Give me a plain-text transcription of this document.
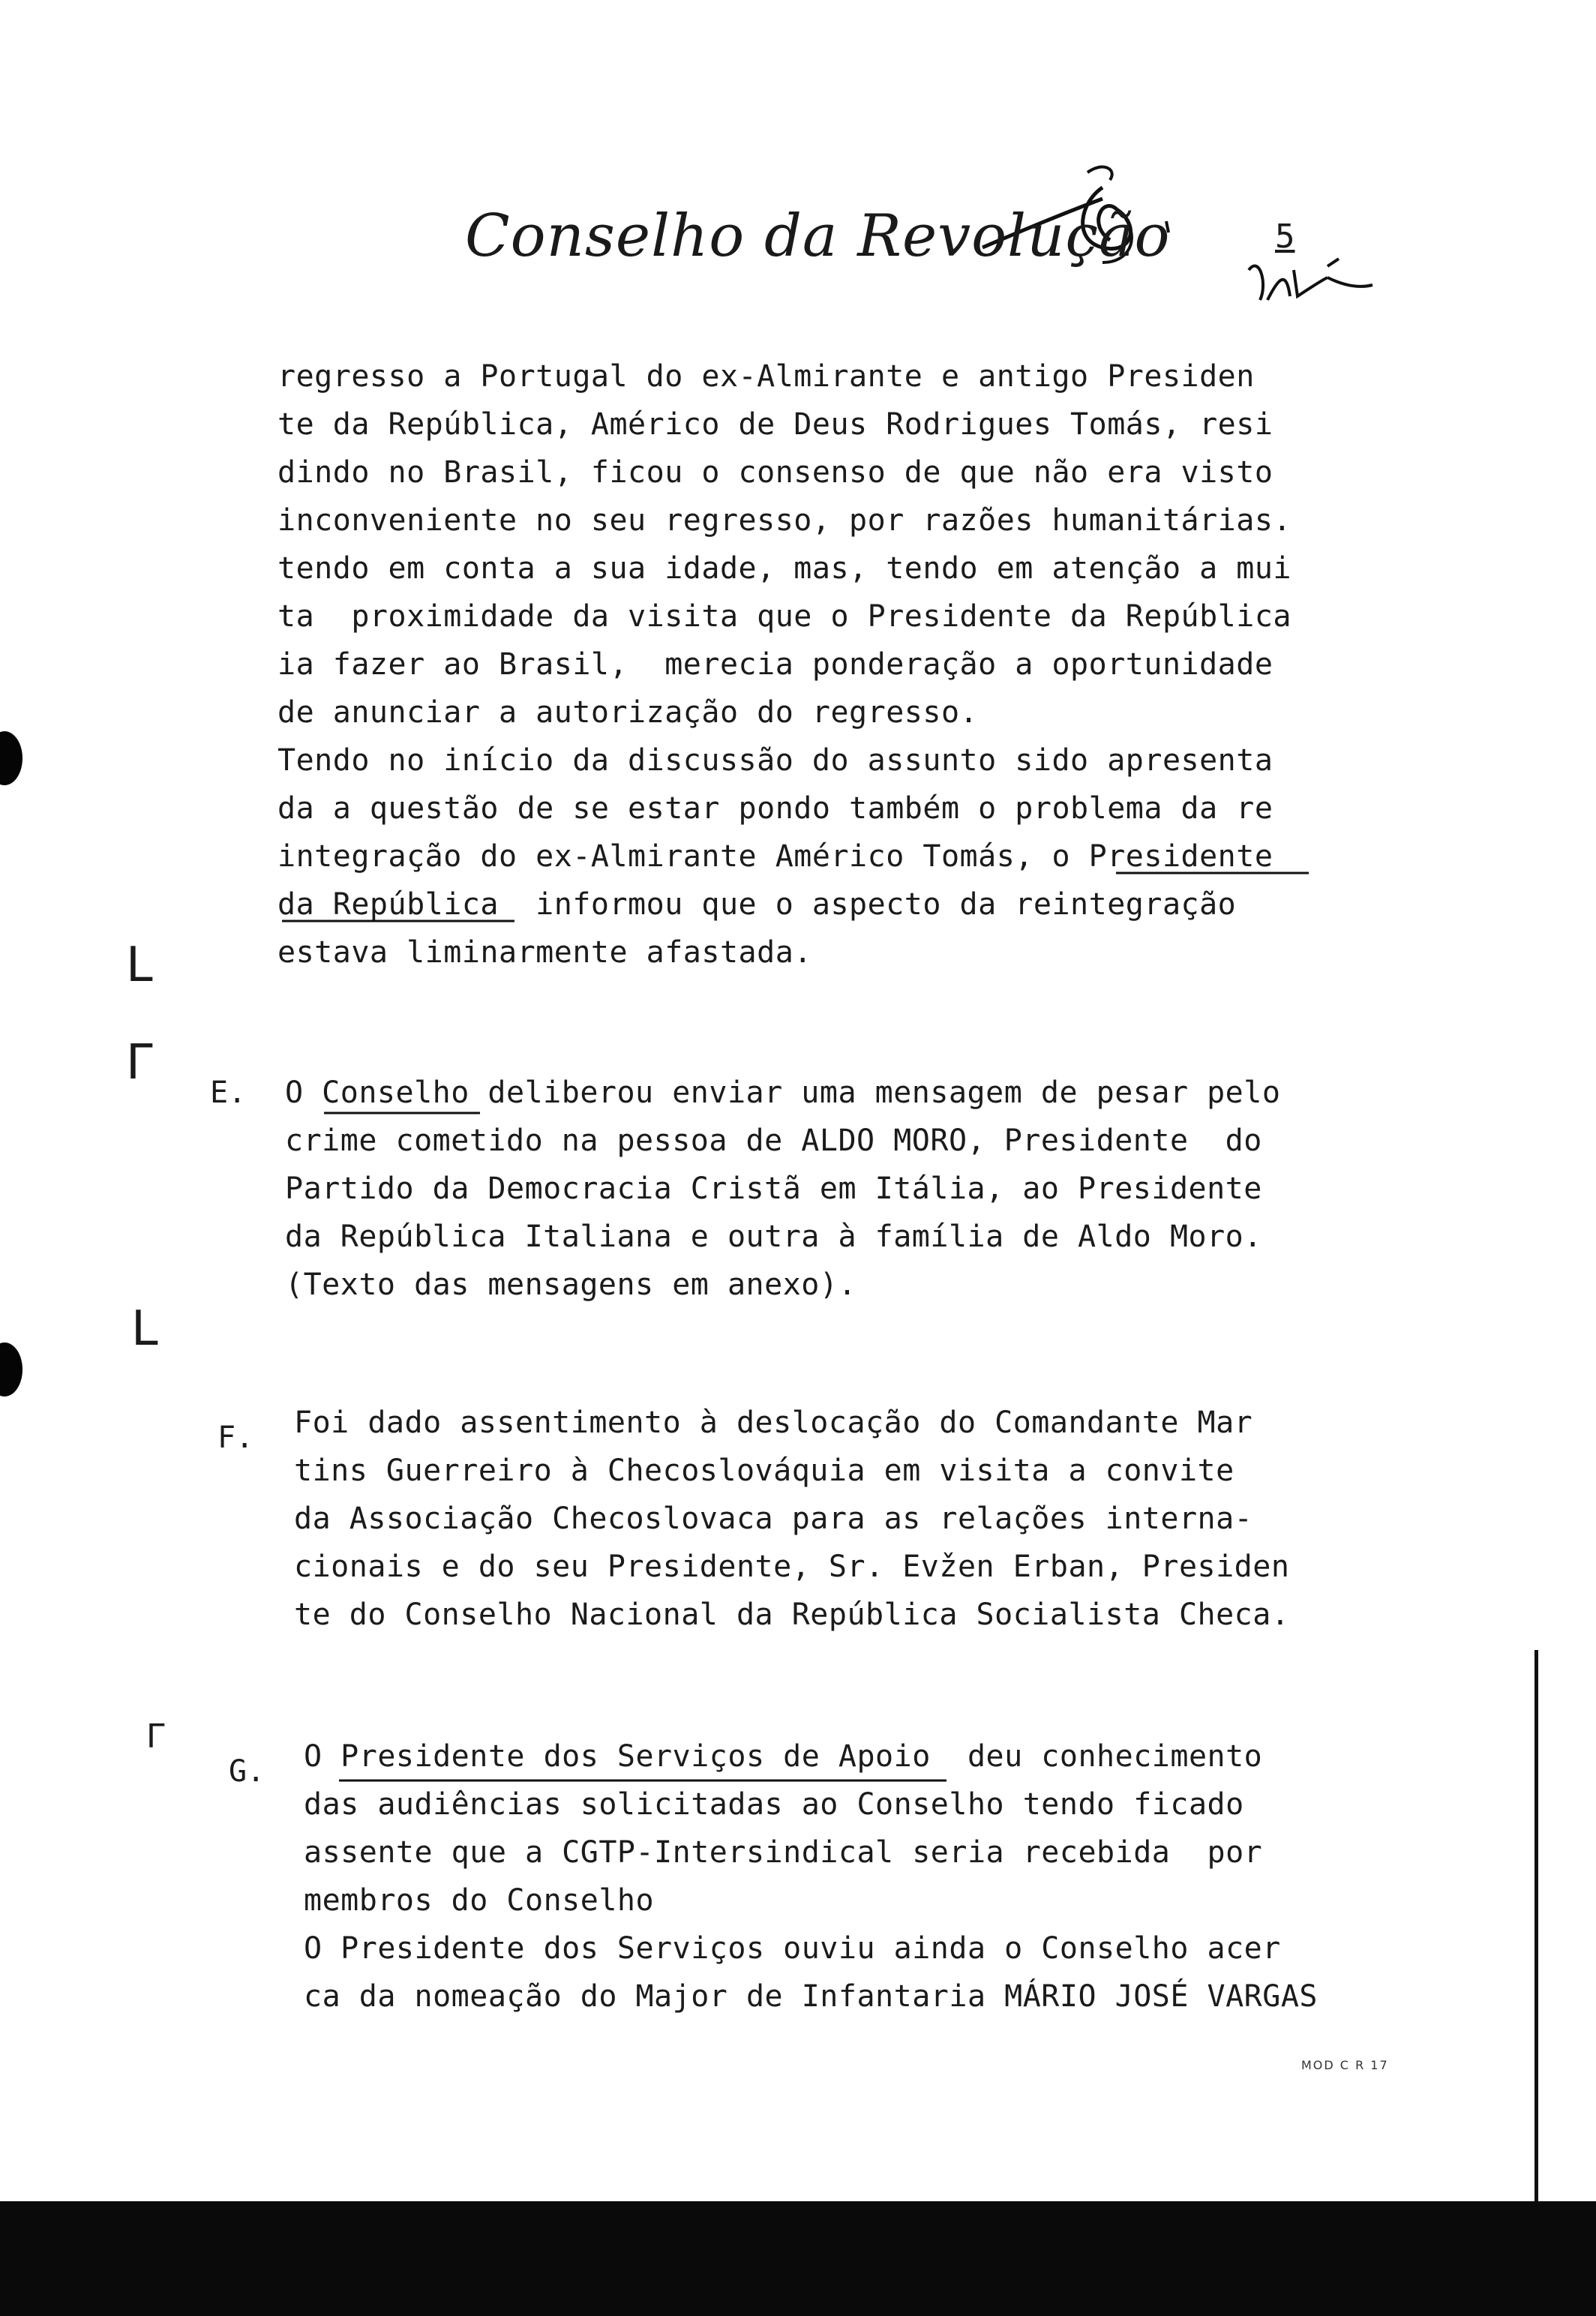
Conselho da Revolução	5
regresso a Portugal do ex-Almirante e antigo Presiden
te da República, Américo de Deus Rodrigues Tomás, resi
dindo no Brasil, ficou o consenso de que não era visto
inconveniente no seu regresso, por razões humanitárias.
tendo em conta a sua idade, mas, tendo em atenção a mui
ta  proximidade da visita que o Presidente da República
ia fazer ao Brasil,  merecia ponderação a oportunidade
de anunciar a autorização do regresso.
Tendo no início da discussão do assunto sido apresenta
da a questão de se estar pondo também o problema da re
integração do ex-Almirante Américo Tomás, o Presidente
da República  informou que o aspecto da reintegração
estava liminarmente afastada.
E. O Conselho deliberou enviar uma mensagem de pesar pelo
crime cometido na pessoa de ALDO MORO, Presidente  do
Partido da Democracia Cristã em Itália, ao Presidente
da República Italiana e outra à família de Aldo Moro.
(Texto das mensagens em anexo).
F. Foi dado assentimento à deslocação do Comandante Mar
tins Guerreiro à Checoslováquia em visita a convite
da Associação Checoslovaca para as relações interna-
cionais e do seu Presidente, Sr. Evžen Erban, Presiden
te do Conselho Nacional da República Socialista Checa.
G. O Presidente dos Serviços de Apoio  deu conhecimento
das audiências solicitadas ao Conselho tendo ficado
assente que a CGTP-Intersindical seria recebida  por
membros do Conselho
O Presidente dos Serviços ouviu ainda o Conselho acer
ca da nomeação do Major de Infantaria MÁRIO JOSÉ VARGAS
L
Γ
L
Γ
MOD C R 17
